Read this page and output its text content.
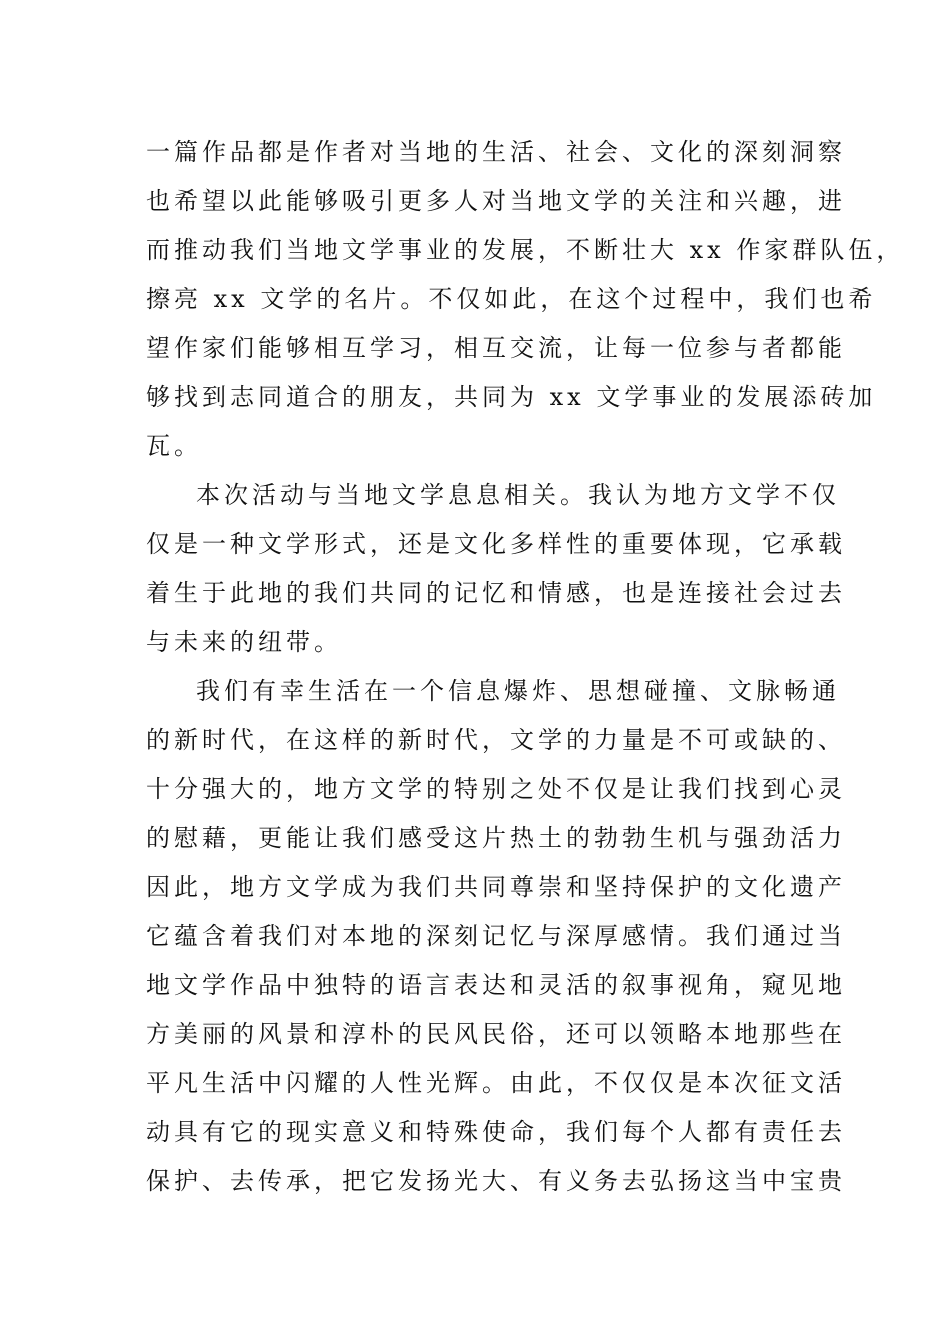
一篇作品都是作者对当地的生活、社会、文化的深刻洞察
也希望以此能够吸引更多人对当地文学的关注和兴趣，进
而推动我们当地文学事业的发展，不断壮大 xx 作家群队伍，
擦亮 xx 文学的名片。不仅如此，在这个过程中，我们也希
望作家们能够相互学习，相互交流，让每一位参与者都能
够找到志同道合的朋友，共同为 xx 文学事业的发展添砖加
瓦。
本次活动与当地文学息息相关。我认为地方文学不仅
仅是一种文学形式，还是文化多样性的重要体现，它承载
着生于此地的我们共同的记忆和情感，也是连接社会过去
与未来的纽带。
我们有幸生活在一个信息爆炸、思想碰撞、文脉畅通
的新时代，在这样的新时代，文学的力量是不可或缺的、
十分强大的，地方文学的特别之处不仅是让我们找到心灵
的慰藉，更能让我们感受这片热土的勃勃生机与强劲活力
因此，地方文学成为我们共同尊崇和坚持保护的文化遗产
它蕴含着我们对本地的深刻记忆与深厚感情。我们通过当
地文学作品中独特的语言表达和灵活的叙事视角，窥见地
方美丽的风景和淳朴的民风民俗，还可以领略本地那些在
平凡生活中闪耀的人性光辉。由此，不仅仅是本次征文活
动具有它的现实意义和特殊使命，我们每个人都有责任去
保护、去传承，把它发扬光大、有义务去弘扬这当中宝贵
